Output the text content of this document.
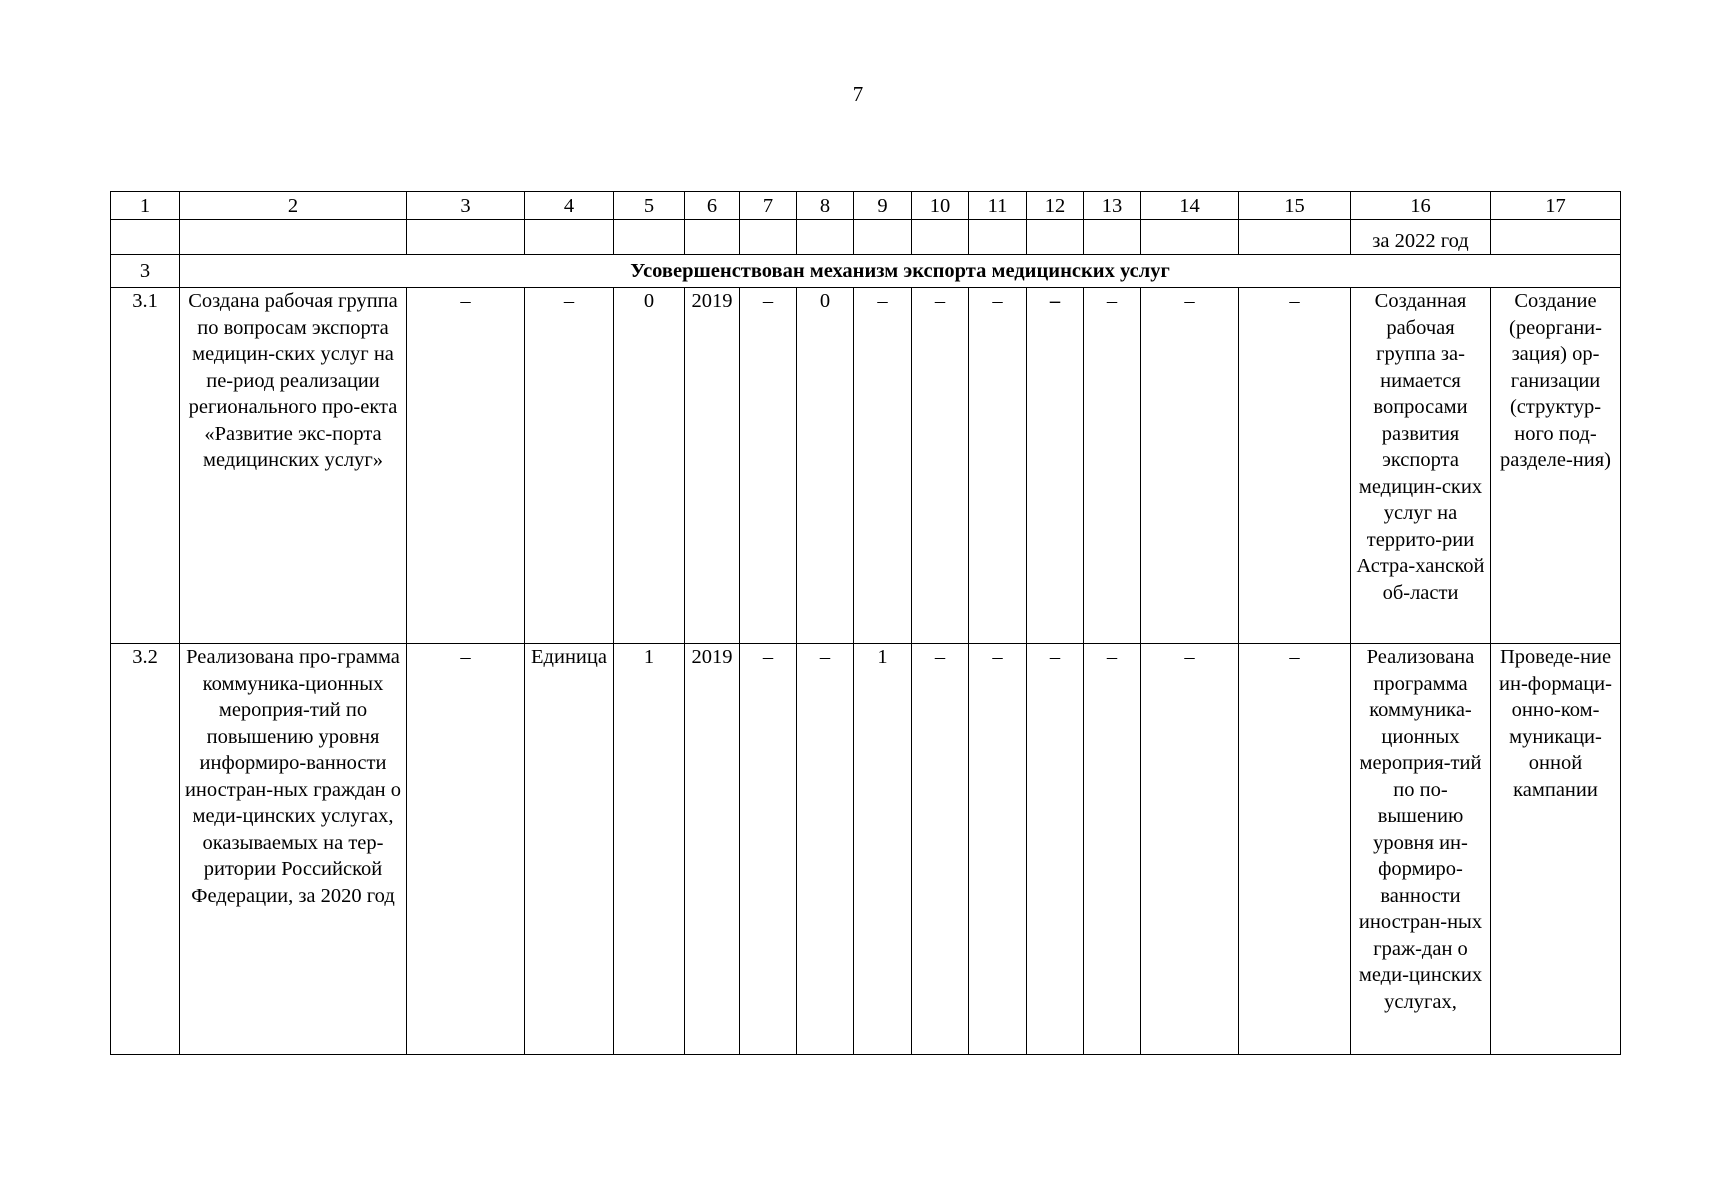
7
1	2	3	4	5	6	7	8	9	10	11	12	13	14	15	16	17
															за 2022 год	
3	Усовершенствован механизм экспорта медицинских услуг															
3.1	Создана рабочая группа по вопросам экспорта медицин-ских услуг на пе-риод реализации регионального про-екта «Развитие экс-порта медицинских услуг»	–	–	0	2019	–	0	–	–	–	–	–	–	–	Созданная рабочая группа за-нимается вопросами развития экспорта медицин-ских услуг на террито-рии Астра-ханской об-ласти	Создание (реоргани-зация) ор-ганизации (структур-ного под-разделе-ния)
3.2	Реализована про-грамма коммуника-ционных мероприя-тий по повышению уровня информиро-ванности иностран-ных граждан о меди-цинских услугах, оказываемых на тер-ритории Российской Федерации, за 2020 год	–	Единица	1	2019	–	–	1	–	–	–	–	–	–	Реализована программа коммуника-ционных мероприя-тий по по-вышению уровня ин-формиро-ванности иностран-ных граж-дан о меди-цинских услугах,	Проведе-ние ин-формаци-онно-ком-муникаци-онной кампании
